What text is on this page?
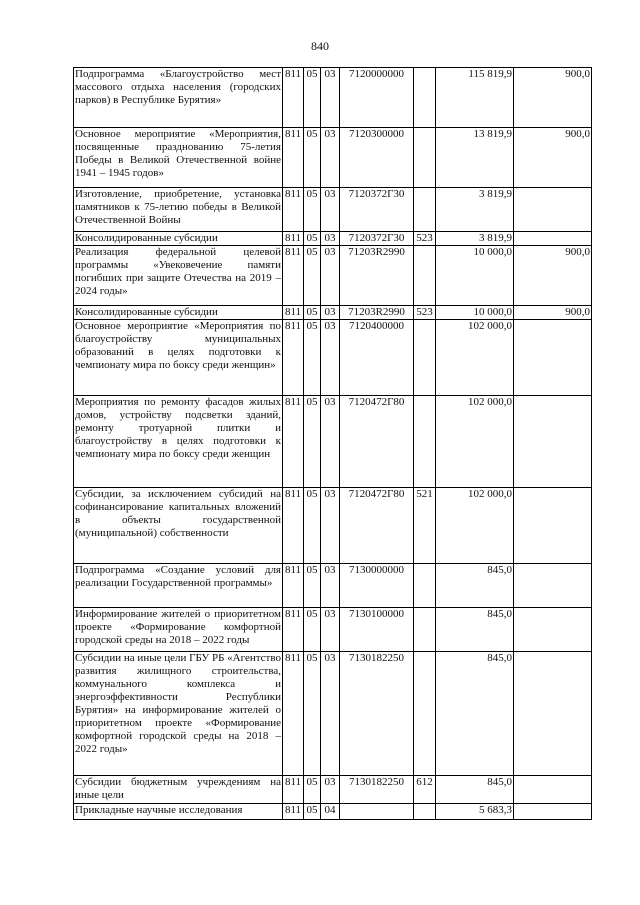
840
Подпрограмма «Благоустройство мест массового отдыха населения (городских парков) в Республике Бурятия»	811	05	03	7120000000		115 819,9	900,0
Основное мероприятие «Мероприятия, посвященные празднованию 75-летия Победы в Великой Отечественной войне 1941 – 1945 годов»	811	05	03	7120300000		13 819,9	900,0
Изготовление, приобретение, установка памятников к 75-летию победы в Великой Отечественной Войны	811	05	03	7120372Г30		3 819,9	
Консолидированные субсидии	811	05	03	7120372Г30	523	3 819,9	
Реализация федеральной целевой программы «Увековечение памяти погибших при защите Отечества на 2019 – 2024 годы»	811	05	03	71203R2990		10 000,0	900,0
Консолидированные субсидии	811	05	03	71203R2990	523	10 000,0	900,0
Основное мероприятие «Мероприятия по благоустройству муниципальных образований в целях подготовки к чемпионату мира по боксу среди женщин»	811	05	03	7120400000		102 000,0	
Мероприятия по ремонту фасадов жилых домов, устройству подсветки зданий, ремонту тротуарной плитки и благоустройству в целях подготовки к чемпионату мира по боксу среди женщин	811	05	03	7120472Г80		102 000,0	
Субсидии, за исключением субсидий на софинансирование капитальных вложений в объекты государственной (муниципальной) собственности	811	05	03	7120472Г80	521	102 000,0	
Подпрограмма «Создание условий для реализации Государственной программы»	811	05	03	7130000000		845,0	
Информирование жителей о приоритетном проекте «Формирование комфортной городской среды на 2018 – 2022 годы	811	05	03	7130100000		845,0	
Субсидии на иные цели ГБУ РБ «Агентство развития жилищного строительства, коммунального комплекса и энергоэффективности Республики Бурятия» на информирование жителей о приоритетном проекте «Формирование комфортной городской среды на 2018 – 2022 годы»	811	05	03	7130182250		845,0	
Субсидии бюджетным учреждениям на иные цели	811	05	03	7130182250	612	845,0	
Прикладные научные исследования	811	05	04			5 683,3	
